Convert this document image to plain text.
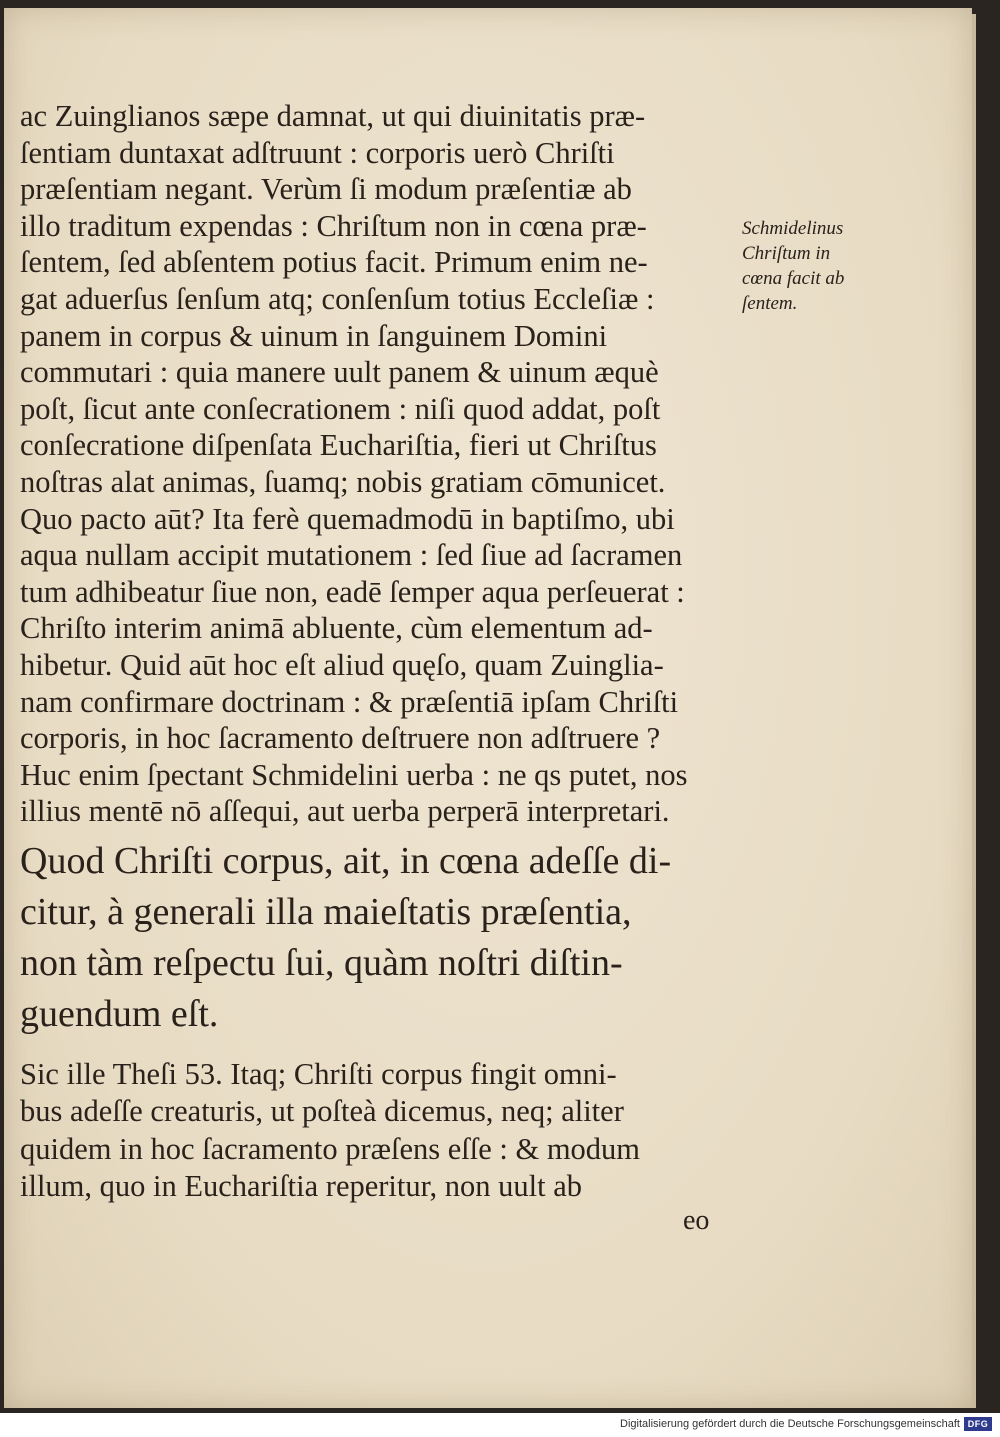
ac Zuinglianos sæpe damnat, ut qui diuinitatis præ-
ſentiam duntaxat adſtruunt : corporis uerò Chriſti
præſentiam negant. Verùm ſi modum præſentiæ ab
illo traditum expendas : Chriſtum non in cœna præ-
ſentem, ſed abſentem potius facit. Primum enim ne-
gat aduerſus ſenſum atq; conſenſum totius Eccleſiæ :
panem in corpus & uinum in ſanguinem Domini
commutari : quia manere uult panem & uinum æquè
poſt, ſicut ante conſecrationem : niſi quod addat, poſt
conſecratione diſpenſata Euchariſtia, fieri ut Chriſtus
noſtras alat animas, ſuamq; nobis gratiam cōmunicet.
Quo pacto aūt? Ita ferè quemadmodū in baptiſmo, ubi
aqua nullam accipit mutationem : ſed ſiue ad ſacramen
tum adhibeatur ſiue non, eadē ſemper aqua perſeuerat :
Chriſto interim animā abluente, cùm elementum ad-
hibetur. Quid aūt hoc eſt aliud quęſo, quam Zuinglia-
nam confirmare doctrinam : & præſentiā ipſam Chriſti
corporis, in hoc ſacramento deſtruere non adſtruere ?
Huc enim ſpectant Schmidelini uerba : ne qs putet, nos
illius mentē nō aſſequi, aut uerba perperā interpretari.
Quod Chriſti corpus, ait, in cœna adeſſe di-
citur, à generali illa maieſtatis præſentia,
non tàm reſpectu ſui, quàm noſtri diſtin-
guendum eſt.
Sic ille Theſi 53. Itaq; Chriſti corpus fingit omni-
bus adeſſe creaturis, ut poſteà dicemus, neq; aliter
quidem in hoc ſacramento præſens eſſe : & modum
illum, quo in Euchariſtia reperitur, non uult ab
eo
Schmidelinus
Chriſtum in
cœna facit ab
ſentem.
Digitalisierung gefördert durch die Deutsche Forschungsgemeinschaft DFG
